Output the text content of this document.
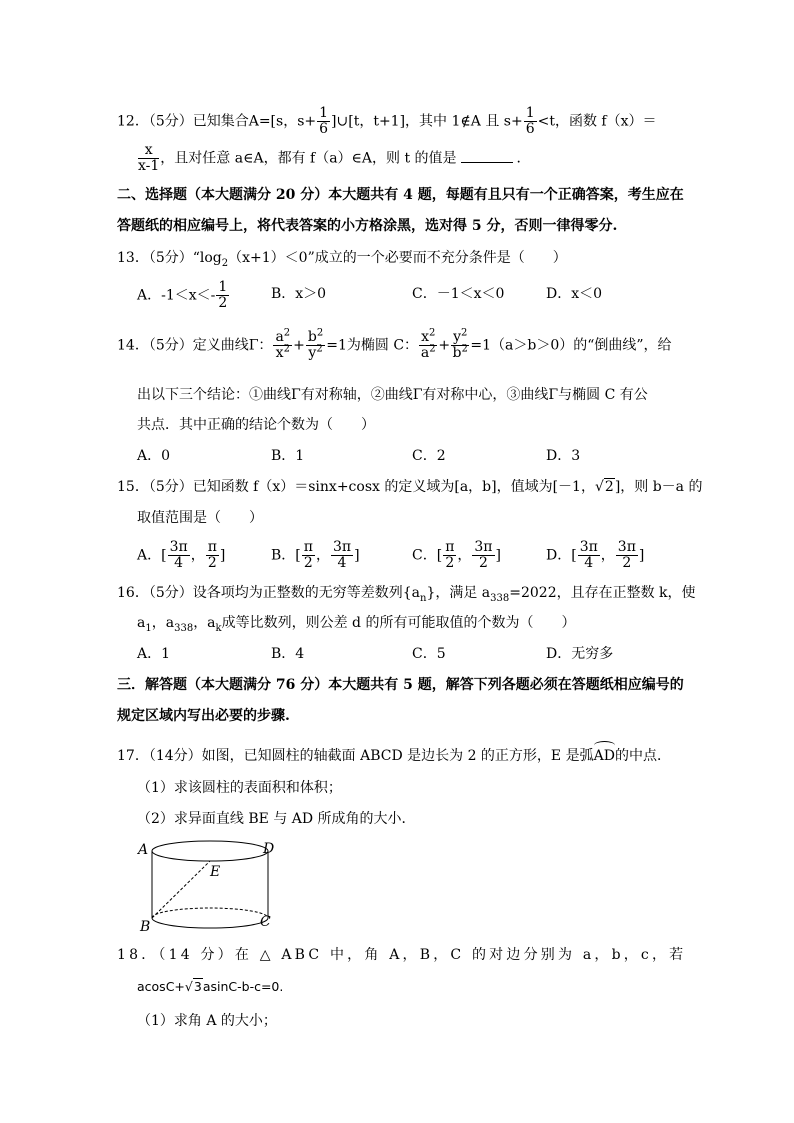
12．（5分）已知集合A=[s，$s+ \frac{1}{6}$ ]∪[t，t+1]，其中 1∉A 且 $s+ \frac{1}{6} <t$，函数 f（x）＝
$\frac{x}{x-1}$ ，且对任意 a∈A，都有 f（a）∈A，则 t 的值是	．
二、选择题（本大题满分 20 分）本大题共有 4 题，每题有且只有一个正确答案，考生应在
答题纸的相应编号上，将代表答案的小方格涂黑，选对得 5 分，否则一律得零分.
13．（5分）“$\log_2(x+1)<0$”成立的一个必要而不充分条件是（　　）
A．$-1<x<- \frac{1}{2}$	B．x＞0	C．－1＜x＜0	D．x＜0
14．（5分）定义曲线Γ： $\frac{a^2}{x^2} + \frac{b^2}{y^2} =1$为椭圆 C： $\frac{x^2}{a^2} + \frac{y^2}{b^2} =1(a>b>0)$的“倒曲线”，给
出以下三个结论：①曲线Γ有对称轴，②曲线Γ有对称中心，③曲线Γ与椭圆 C 有公
共点．其中正确的结论个数为（　　）
A．0	B．1	C．2	D．3
15．（5分）已知函数 f（x）＝sinx+cosx 的定义域为[a，b]，值域为[－1，√2]，则 b－a 的
取值范围是（　　）
A．[ $\frac{3\pi}{4}$ ， $\frac{\pi}{2}$ ]	B．[ $\frac{\pi}{2}$ ， $\frac{3\pi}{4}$ ]	C．[ $\frac{\pi}{2}$ ， $\frac{3\pi}{2}$ ]	D．[ $\frac{3\pi}{4}$ ， $\frac{3\pi}{2}$ ]
16．（5分）设各项均为正整数的无穷等差数列$\{a_n\}$，满足 $a_{338}=2022$，且存在正整数 k，使
$a_1$，$a_{338}$，$a_k$成等比数列，则公差 d 的所有可能取值的个数为（　　）
A．1	B．4	C．5	D．无穷多
三．解答题（本大题满分 76 分）本大题共有 5 题，解答下列各题必须在答题纸相应编号的
规定区域内写出必要的步骤.
17．（14分）如图，已知圆柱的轴截面 ABCD 是边长为 2 的正方形，E 是弧AD的中点．
（1）求该圆柱的表面积和体积；
（2）求异面直线 BE 与 AD 所成角的大小．
A	D
E
B	C
18．（14 分）在 △ ABC 中，角 A，B，C 的对边分别为 a，b，c，若
acosC+√3asinC-b-c=0.
（1）求角 A 的大小；
